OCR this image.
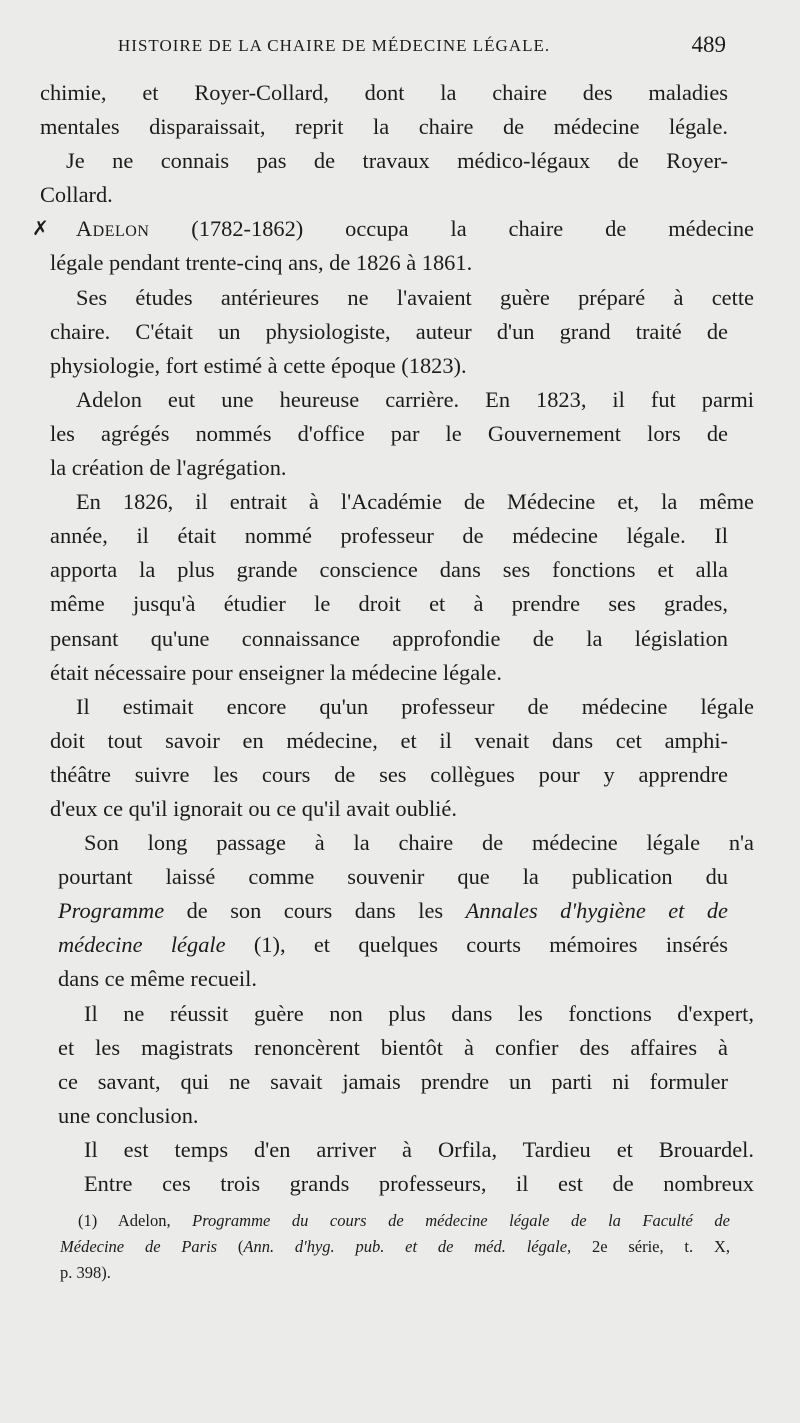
HISTOIRE DE LA CHAIRE DE MÉDECINE LÉGALE.	489
chimie, et Royer-Collard, dont la chaire des maladies
mentales disparaissait, reprit la chaire de médecine légale.
Je ne connais pas de travaux médico-légaux de Royer-
Collard.
✗ Adelon (1782-1862) occupa la chaire de médecine
légale pendant trente-cinq ans, de 1826 à 1861.
Ses études antérieures ne l'avaient guère préparé à cette
chaire. C'était un physiologiste, auteur d'un grand traité de
physiologie, fort estimé à cette époque (1823).
Adelon eut une heureuse carrière. En 1823, il fut parmi
les agrégés nommés d'office par le Gouvernement lors de
la création de l'agrégation.
En 1826, il entrait à l'Académie de Médecine et, la même
année, il était nommé professeur de médecine légale. Il
apporta la plus grande conscience dans ses fonctions et alla
même jusqu'à étudier le droit et à prendre ses grades,
pensant qu'une connaissance approfondie de la législation
était nécessaire pour enseigner la médecine légale.
Il estimait encore qu'un professeur de médecine légale
doit tout savoir en médecine, et il venait dans cet amphi-
théâtre suivre les cours de ses collègues pour y apprendre
d'eux ce qu'il ignorait ou ce qu'il avait oublié.
Son long passage à la chaire de médecine légale n'a
pourtant laissé comme souvenir que la publication du
Programme de son cours dans les Annales d'hygiène et de
médecine légale (1), et quelques courts mémoires insérés
dans ce même recueil.
Il ne réussit guère non plus dans les fonctions d'expert,
et les magistrats renoncèrent bientôt à confier des affaires à
ce savant, qui ne savait jamais prendre un parti ni formuler
une conclusion.
Il est temps d'en arriver à Orfila, Tardieu et Brouardel.
Entre ces trois grands professeurs, il est de nombreux
(1) Adelon, Programme du cours de médecine légale de la Faculté de
Médecine de Paris (Ann. d'hyg. pub. et de méd. légale, 2e série, t. X,
p. 398).
